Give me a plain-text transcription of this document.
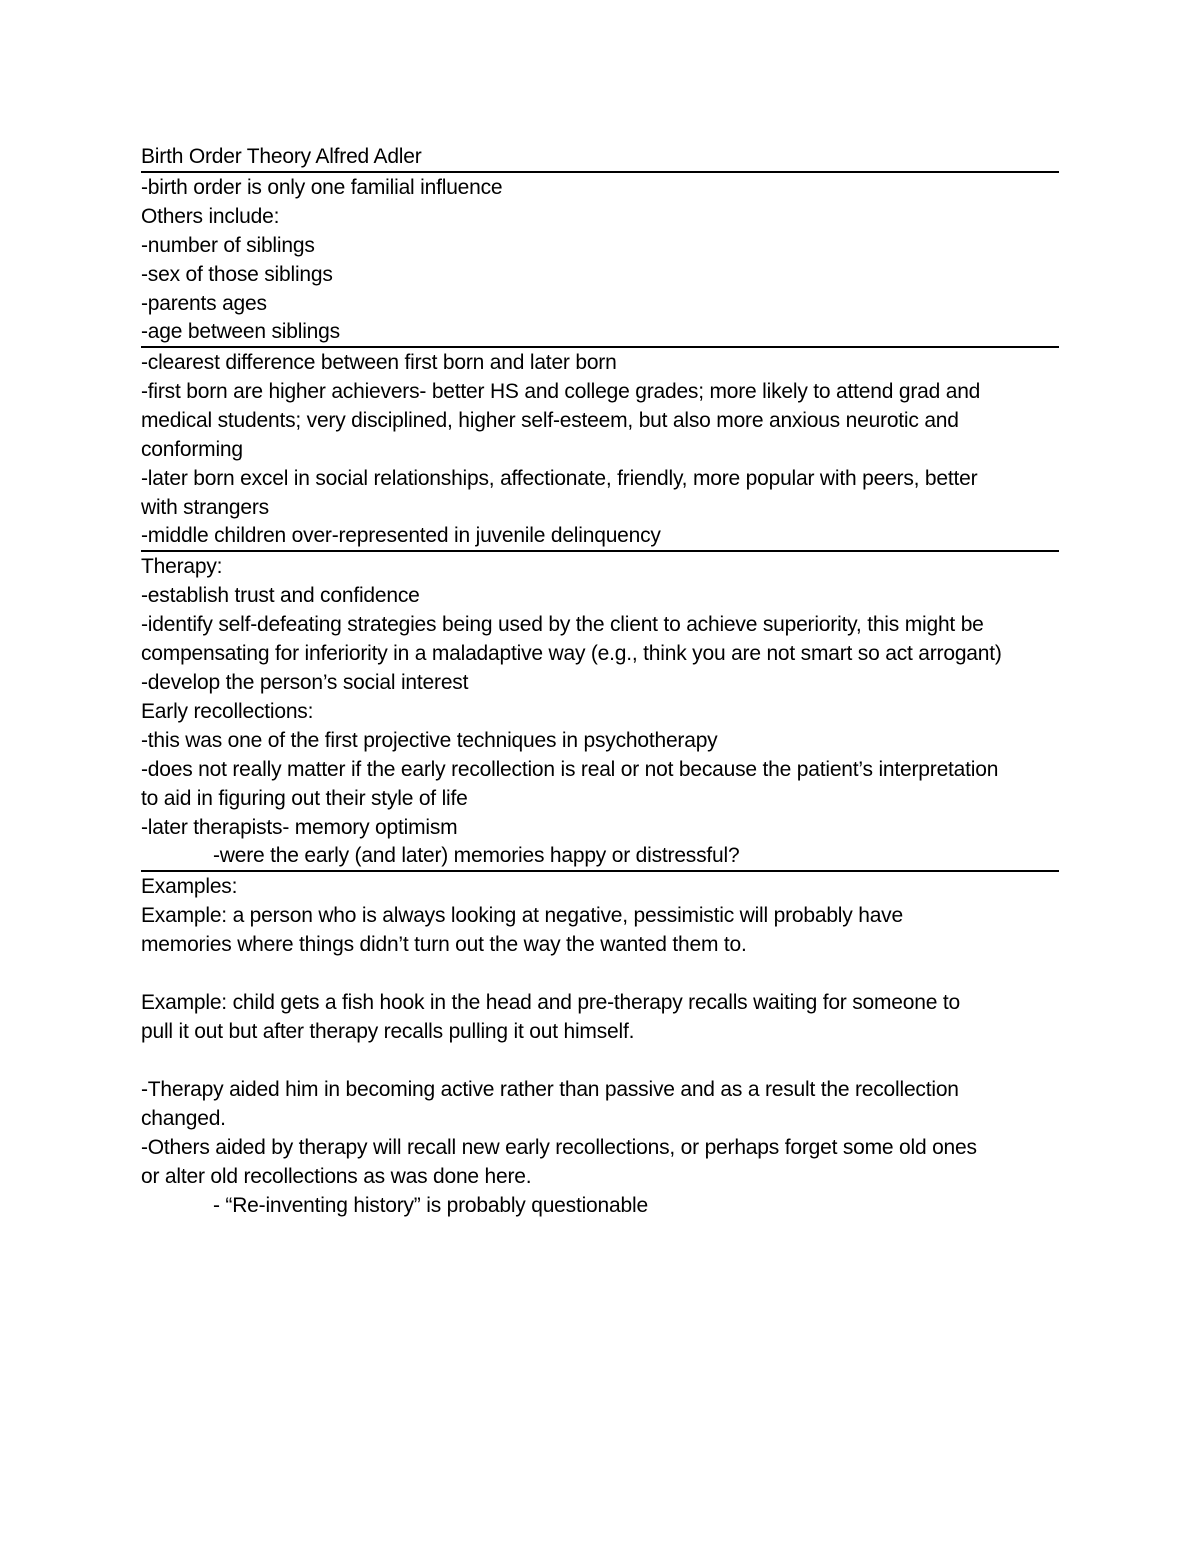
Birth Order Theory Alfred Adler
-birth order is only one familial influence
Others include:
-number of siblings
-sex of those siblings
-parents ages
-age between siblings
-clearest difference between first born and later born
-first born are higher achievers- better HS and college grades; more likely to attend grad and
medical students; very disciplined, higher self-esteem, but also more anxious neurotic and
conforming
-later born excel in social relationships, affectionate, friendly, more popular with peers, better
with strangers
-middle children over-represented in juvenile delinquency
Therapy:
-establish trust and confidence
-identify self-defeating strategies being used by the client to achieve superiority, this might be
compensating for inferiority in a maladaptive way (e.g., think you are not smart so act arrogant)
-develop the person’s social interest
Early recollections:
-this was one of the first projective techniques in psychotherapy
-does not really matter if the early recollection is real or not because the patient’s interpretation
to aid in figuring out their style of life
-later therapists- memory optimism
-were the early (and later) memories happy or distressful?
Examples:
Example: a person who is always looking at negative, pessimistic will probably have
memories where things didn’t turn out the way the wanted them to.
Example: child gets a fish hook in the head and pre-therapy recalls waiting for someone to
pull it out but after therapy recalls pulling it out himself.
-Therapy aided him in becoming active rather than passive and as a result the recollection
changed.
-Others aided by therapy will recall new early recollections, or perhaps forget some old ones
or alter old recollections as was done here.
- “Re-inventing history” is probably questionable
